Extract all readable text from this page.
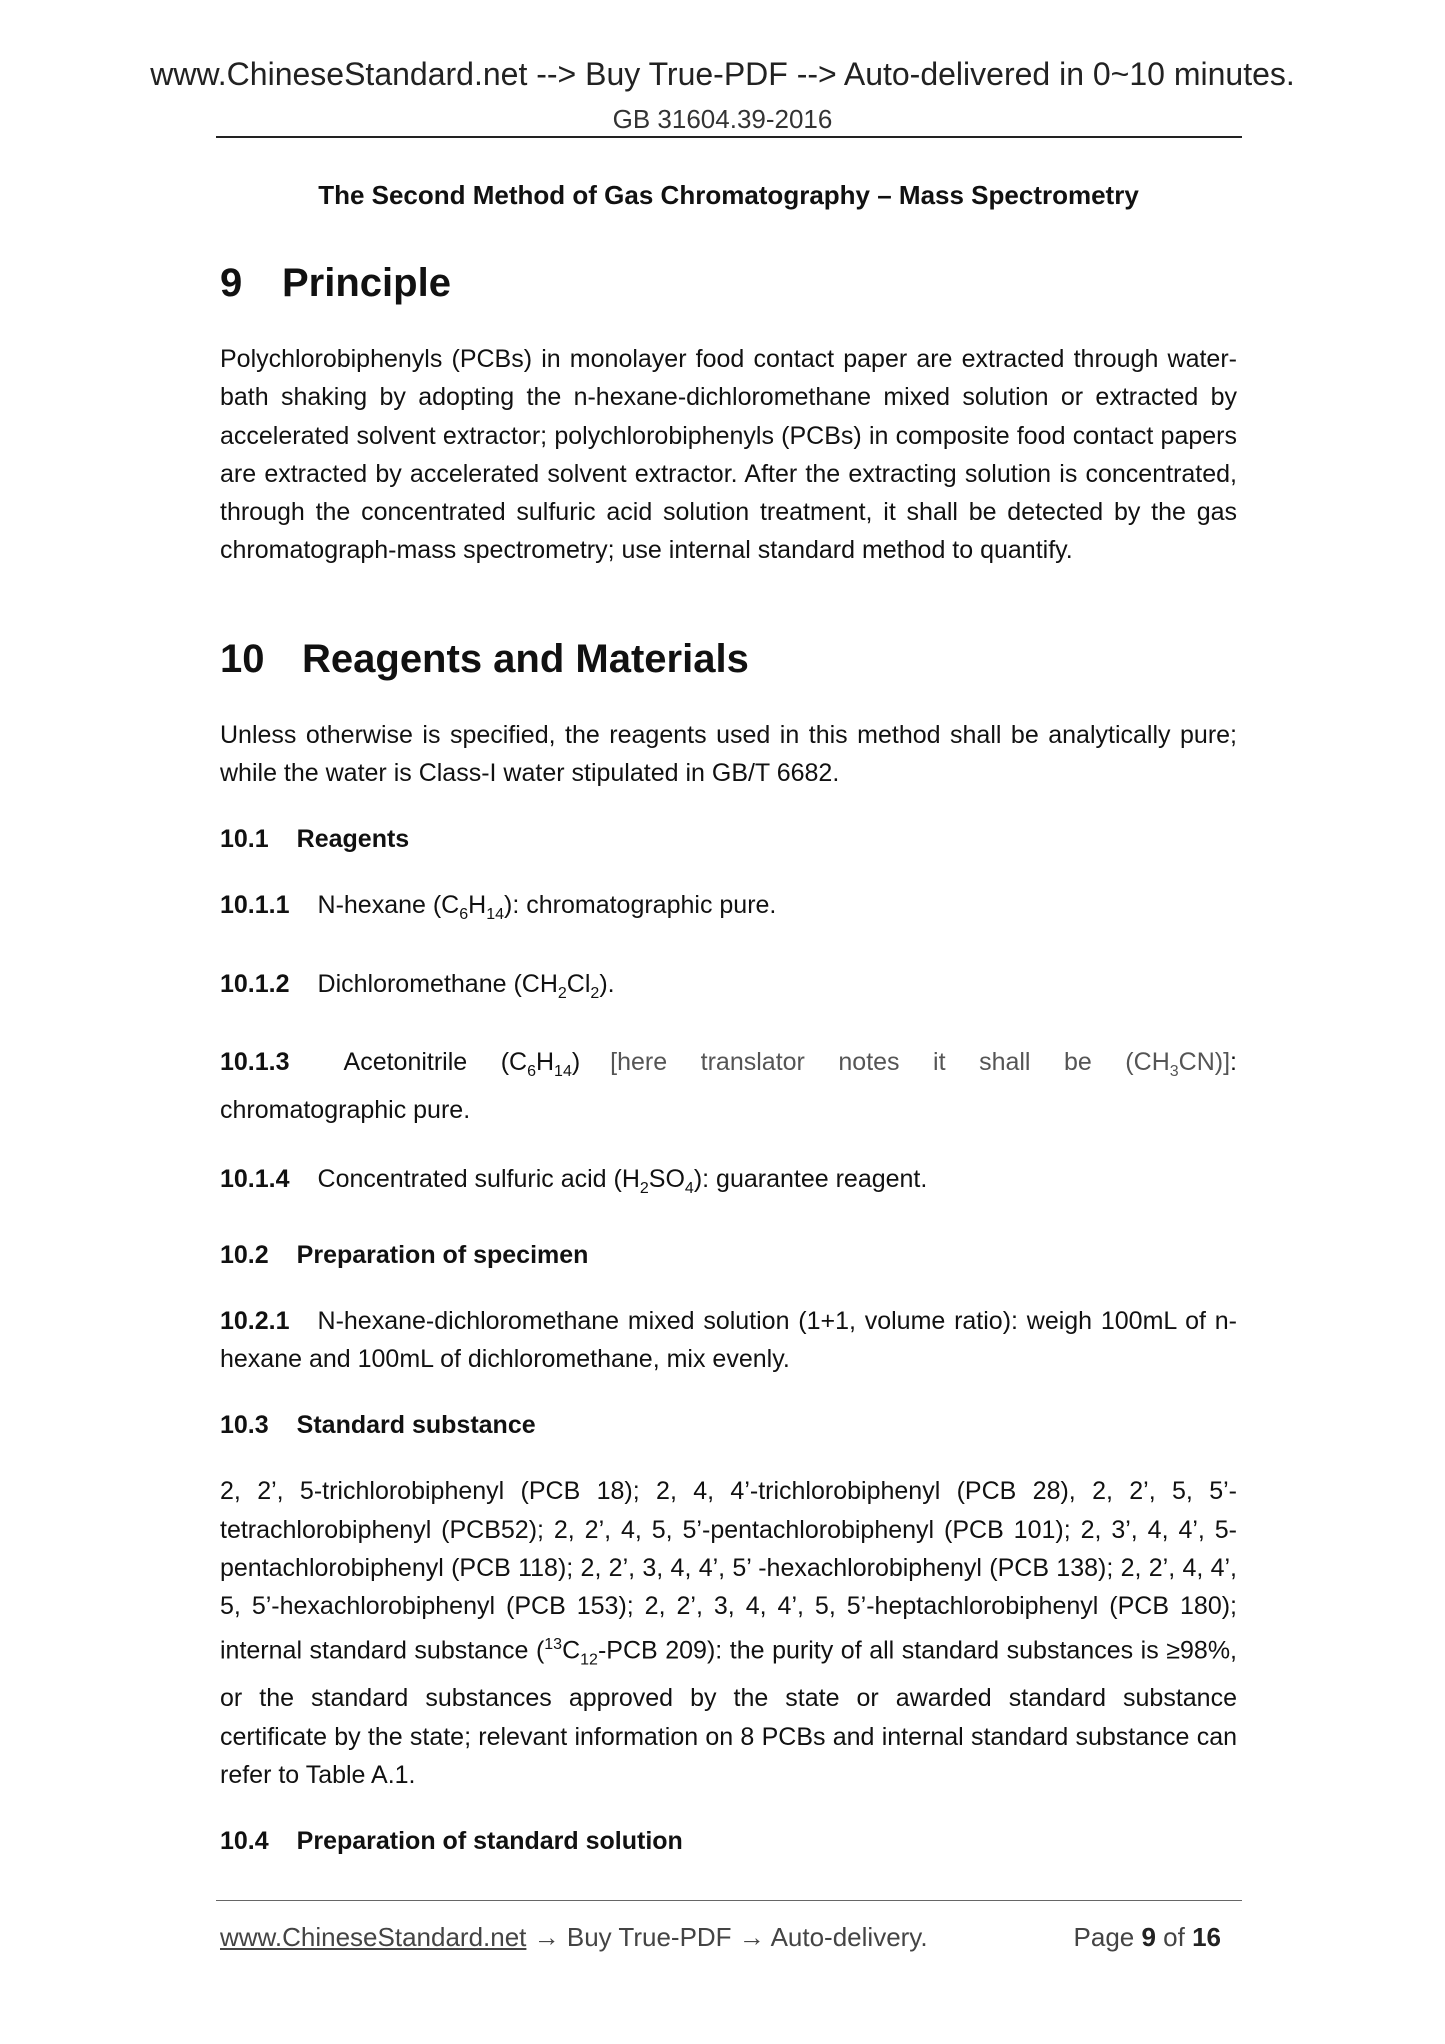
www.ChineseStandard.net --> Buy True-PDF --> Auto-delivered in 0~10 minutes.
GB 31604.39-2016

The Second Method of Gas Chromatography – Mass Spectrometry

9 Principle

Polychlorobiphenyls (PCBs) in monolayer food contact paper are extracted through water-bath shaking by adopting the n-hexane-dichloromethane mixed solution or extracted by accelerated solvent extractor; polychlorobiphenyls (PCBs) in composite food contact papers are extracted by accelerated solvent extractor. After the extracting solution is concentrated, through the concentrated sulfuric acid solution treatment, it shall be detected by the gas chromatograph-mass spectrometry; use internal standard method to quantify.

10 Reagents and Materials

Unless otherwise is specified, the reagents used in this method shall be analytically pure; while the water is Class-I water stipulated in GB/T 6682.

10.1 Reagents

10.1.1 N-hexane $(C_6H_{14})$: chromatographic pure.

10.1.2 Dichloromethane $(CH_2Cl_2)$.

10.1.3 Acetonitrile $(C_6H_{14})$ [here translator notes it shall be $(CH_3CN)$]: chromatographic pure.

10.1.4 Concentrated sulfuric acid $(H_2SO_4)$: guarantee reagent.

10.2 Preparation of specimen

10.2.1 N-hexane-dichloromethane mixed solution (1+1, volume ratio): weigh 100mL of n-hexane and 100mL of dichloromethane, mix evenly.

10.3 Standard substance

2, 2’, 5-trichlorobiphenyl (PCB 18); 2, 4, 4’-trichlorobiphenyl (PCB 28), 2, 2’, 5, 5’-tetrachlorobiphenyl (PCB52); 2, 2’, 4, 5, 5’-pentachlorobiphenyl (PCB 101); 2, 3’, 4, 4’, 5-pentachlorobiphenyl (PCB 118); 2, 2’, 3, 4, 4’, 5’ -hexachlorobiphenyl (PCB 138); 2, 2’, 4, 4’, 5, 5’-hexachlorobiphenyl (PCB 153); 2, 2’, 3, 4, 4’, 5, 5’-heptachlorobiphenyl (PCB 180); internal standard substance ($^{13}C_{12}$-PCB 209): the purity of all standard substances is ≥98%, or the standard substances approved by the state or awarded standard substance certificate by the state; relevant information on 8 PCBs and internal standard substance can refer to Table A.1.

10.4 Preparation of standard solution

www.ChineseStandard.net → Buy True-PDF → Auto-delivery.	Page 9 of 16
